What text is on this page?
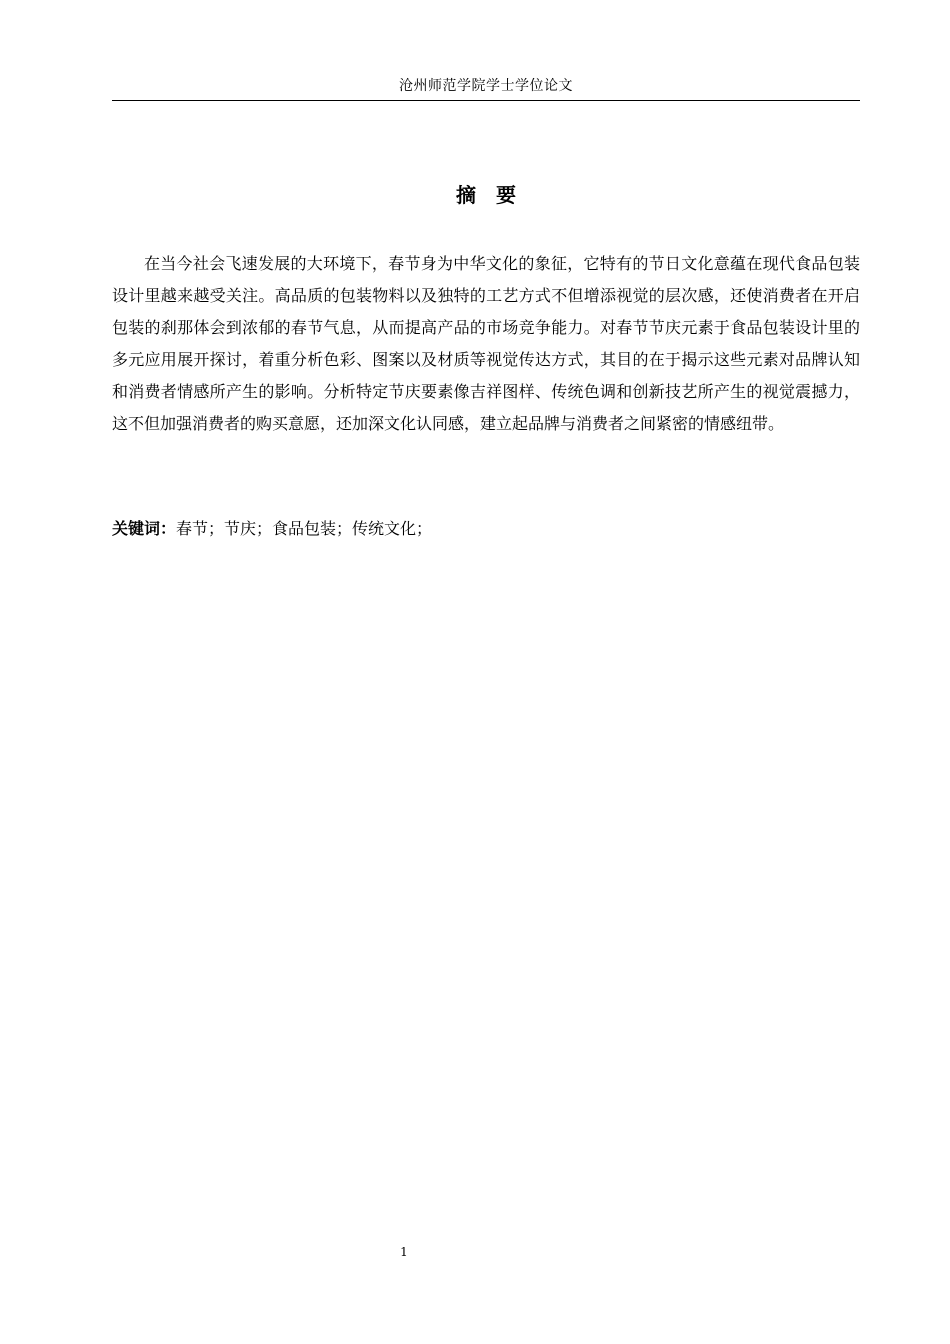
沧州师范学院学士学位论文
摘 要

在当今社会飞速发展的大环境下，春节身为中华文化的象征，它特有的节日文化意蕴在现代食品包装设计里越来越受关注。高品质的包装物料以及独特的工艺方式不但增添视觉的层次感，还使消费者在开启包装的刹那体会到浓郁的春节气息，从而提高产品的市场竞争能力。对春节节庆元素于食品包装设计里的多元应用展开探讨，着重分析色彩、图案以及材质等视觉传达方式，其目的在于揭示这些元素对品牌认知和消费者情感所产生的影响。分析特定节庆要素像吉祥图样、传统色调和创新技艺所产生的视觉震撼力，这不但加强消费者的购买意愿，还加深文化认同感，建立起品牌与消费者之间紧密的情感纽带。

关键词：春节；节庆；食品包装；传统文化；

1
